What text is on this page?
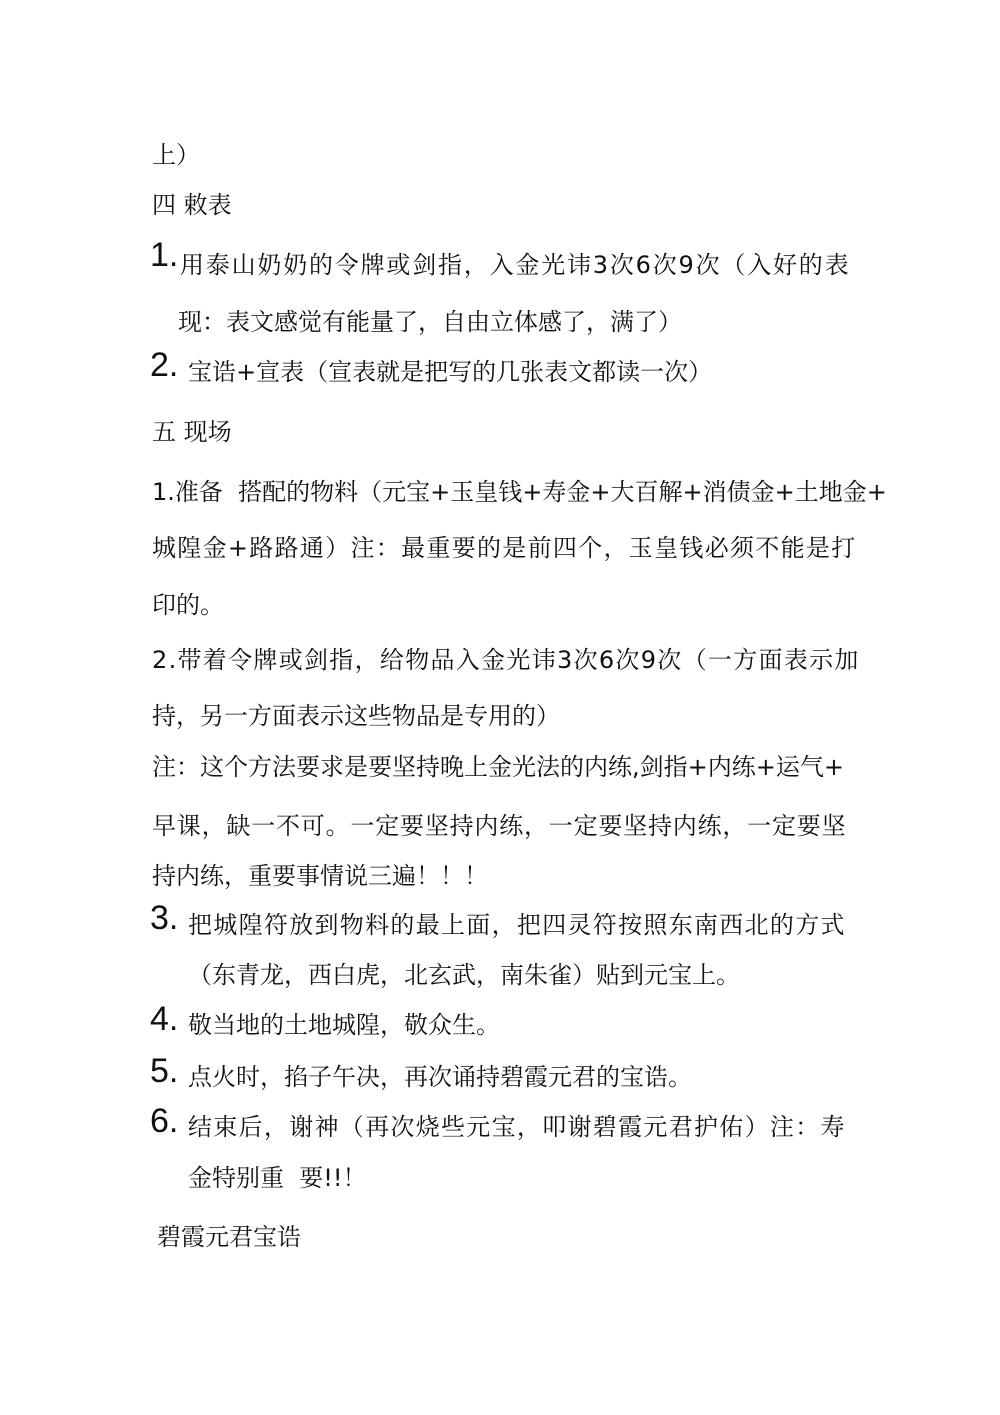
上）
四 敕表
1. 用泰山奶奶的令牌或剑指，入金光讳3次6次9次（入好的表
现：表文感觉有能量了，自由立体感了，满了）
2. 宝诰+宣表（宣表就是把写的几张表文都读一次）
五 现场
1.准备  搭配的物料（元宝+玉皇钱+寿金+大百解+消债金+土地金+
城隍金+路路通）注：最重要的是前四个，玉皇钱必须不能是打
印的。
2.带着令牌或剑指，给物品入金光讳3次6次9次（一方面表示加
持，另一方面表示这些物品是专用的）
注：这个方法要求是要坚持晚上金光法的内练,剑指+内练+运气+
早课，缺一不可。一定要坚持内练，一定要坚持内练，一定要坚
持内练，重要事情说三遍！！！
3. 把城隍符放到物料的最上面，把四灵符按照东南西北的方式
（东青龙，西白虎，北玄武，南朱雀）贴到元宝上。
4. 敬当地的土地城隍，敬众生。
5. 点火时，掐子午决，再次诵持碧霞元君的宝诰。
6. 结束后，谢神（再次烧些元宝，叩谢碧霞元君护佑）注：寿
金特别重  要!!！
碧霞元君宝诰
